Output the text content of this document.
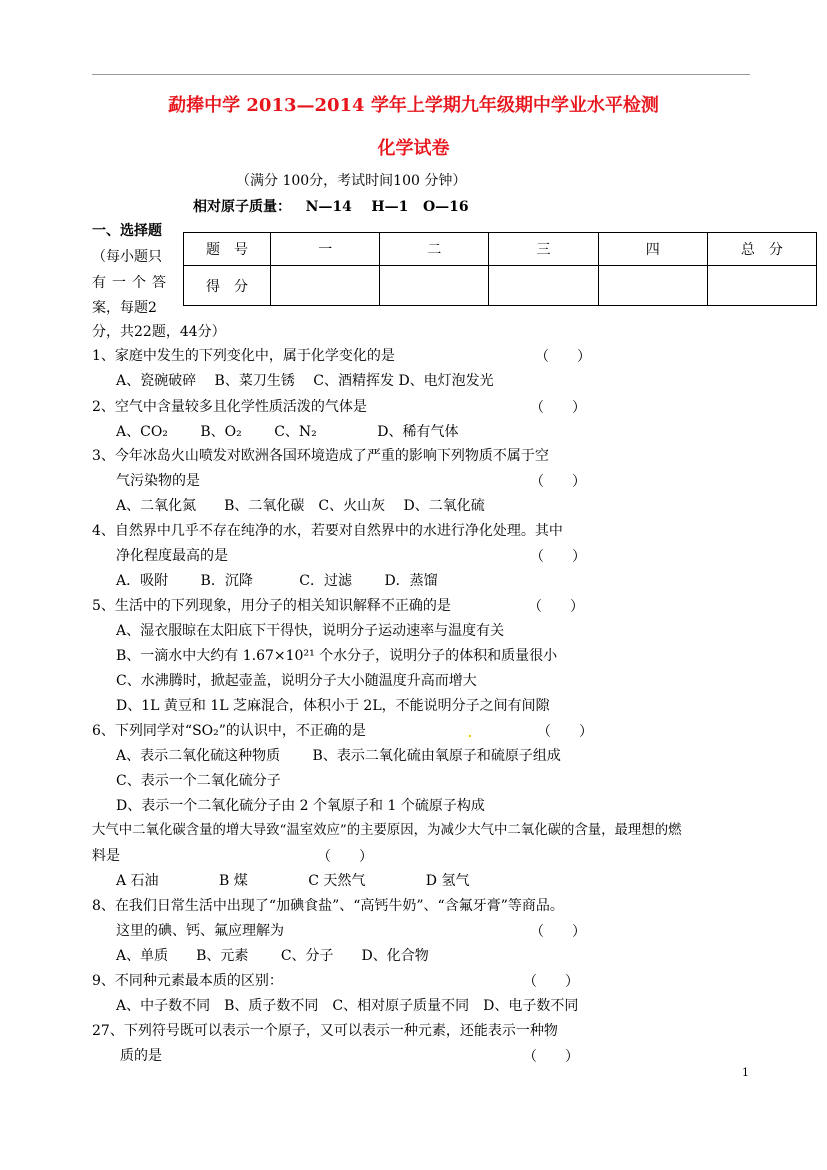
勐捧中学 2013—2014 学年上学期九年级期中学业水平检测
化学试卷
（满分 100分，考试时间100 分钟）
相对原子质量：   N—14    H—1   O—16
一、选择题
（每小题只
有一个答
案，每题2
分，共22题，44分）
题　号	一	二	三	四	总　分
得　分					
1、家庭中发生的下列变化中，属于化学变化的是	（　　）
A、瓷碗破碎　 B、菜刀生锈　 C、酒精挥发 D、电灯泡发光
2、空气中含量较多且化学性质活泼的气体是	（　　）
A、CO₂　　 B、O₂　　 C、N₂　　　　 D、稀有气体
3、今年冰岛火山喷发对欧洲各国环境造成了严重的影响下列物质不属于空
气污染物的是	（　　）
A、二氧化氮　　B、二氧化碳　C、火山灰　 D、二氧化硫
4、自然界中几乎不存在纯净的水，若要对自然界中的水进行净化处理。其中
净化程度最高的是	（　　）
A．吸附　　 B．沉降　　　 C．过滤　　 D．蒸馏
5、生活中的下列现象，用分子的相关知识解释不正确的是	（　　）
A、湿衣服晾在太阳底下干得快，说明分子运动速率与温度有关
B、一滴水中大约有 1.67×10²¹ 个水分子，说明分子的体积和质量很小
C、水沸腾时，掀起壶盖，说明分子大小随温度升高而增大
D、1L 黄豆和 1L 芝麻混合，体积小于 2L，不能说明分子之间有间隙
6、下列同学对“SO₂”的认识中，不正确的是	（　　）
A、表示二氧化硫这种物质　　 B、表示二氧化硫由氧原子和硫原子组成
C、表示一个二氧化硫分子
D、表示一个二氧化硫分子由 2 个氧原子和 1 个硫原子构成
大气中二氧化碳含量的增大导致“温室效应”的主要原因，为减少大气中二氧化碳的含量，最理想的燃
料是	（　　）
A 石油　　　　 B 煤　　　　 C 天然气　　　　 D 氢气
8、在我们日常生活中出现了“加碘食盐”、“高钙牛奶”、“含氟牙膏”等商品。
这里的碘、钙、氟应理解为	（　　）
A、单质　　B、元素　　 C、分子　　D、化合物
9、不同种元素最本质的区别：	（　　）
A、中子数不同　B、质子数不同　C、相对原子质量不同　D、电子数不同
27、下列符号既可以表示一个原子，又可以表示一种元素，还能表示一种物
质的是	（　　）
1
